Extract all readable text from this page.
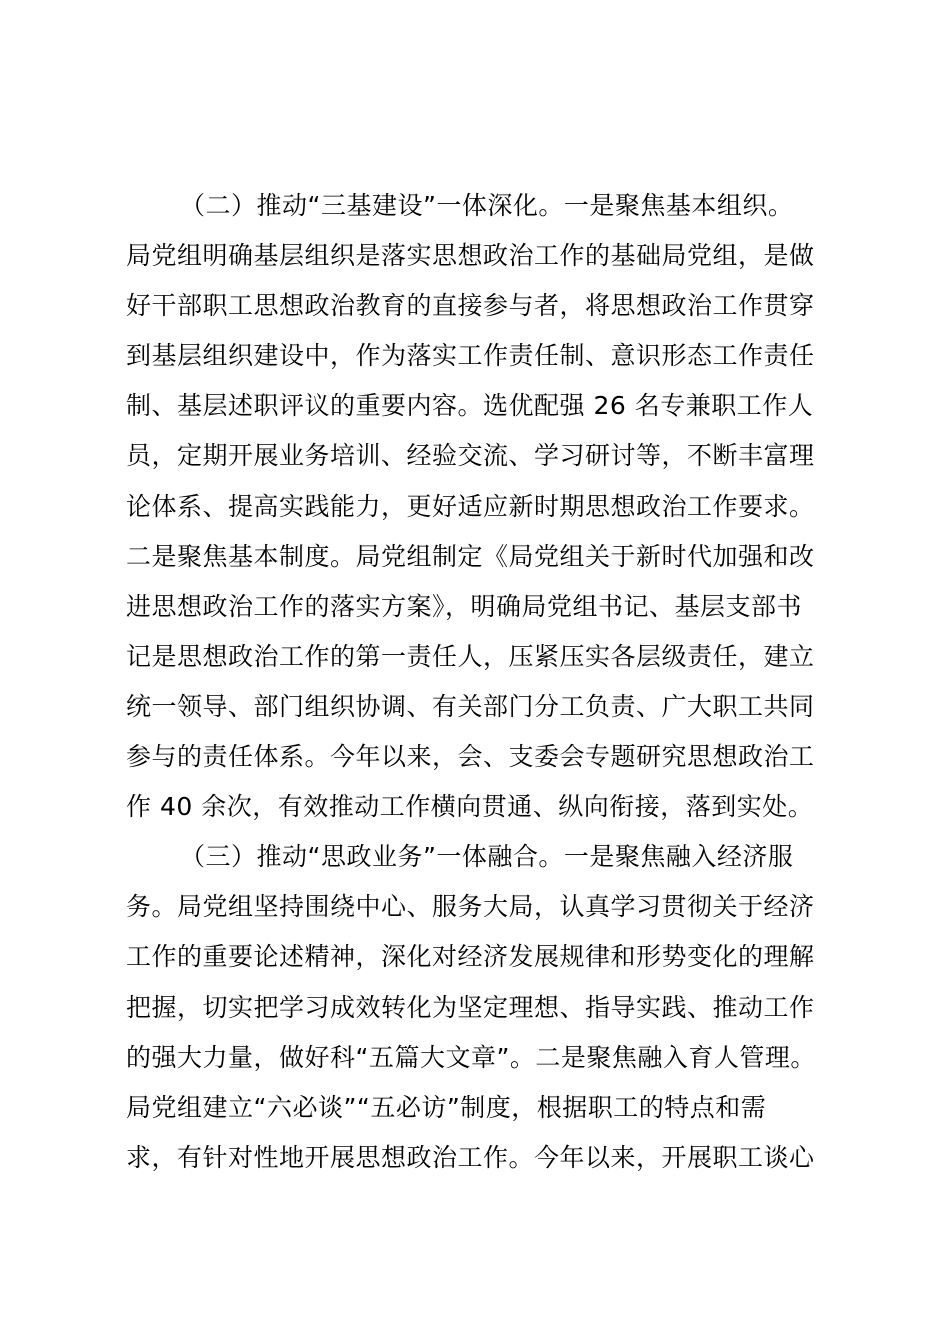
（二）推动“三基建设”一体深化。一是聚焦基本组织。
局党组明确基层组织是落实思想政治工作的基础局党组，是做
好干部职工思想政治教育的直接参与者，将思想政治工作贯穿
到基层组织建设中，作为落实工作责任制、意识形态工作责任
制、基层述职评议的重要内容。选优配强 26 名专兼职工作人
员，定期开展业务培训、经验交流、学习研讨等，不断丰富理
论体系、提高实践能力，更好适应新时期思想政治工作要求。
二是聚焦基本制度。局党组制定《局党组关于新时代加强和改
进思想政治工作的落实方案》，明确局党组书记、基层支部书
记是思想政治工作的第一责任人，压紧压实各层级责任，建立
统一领导、部门组织协调、有关部门分工负责、广大职工共同
参与的责任体系。今年以来，会、支委会专题研究思想政治工
作 40 余次，有效推动工作横向贯通、纵向衔接，落到实处。
（三）推动“思政业务”一体融合。一是聚焦融入经济服
务。局党组坚持围绕中心、服务大局，认真学习贯彻关于经济
工作的重要论述精神，深化对经济发展规律和形势变化的理解
把握，切实把学习成效转化为坚定理想、指导实践、推动工作
的强大力量，做好科“五篇大文章”。二是聚焦融入育人管理。
局党组建立“六必谈”“五必访”制度，根据职工的特点和需
求，有针对性地开展思想政治工作。今年以来，开展职工谈心
